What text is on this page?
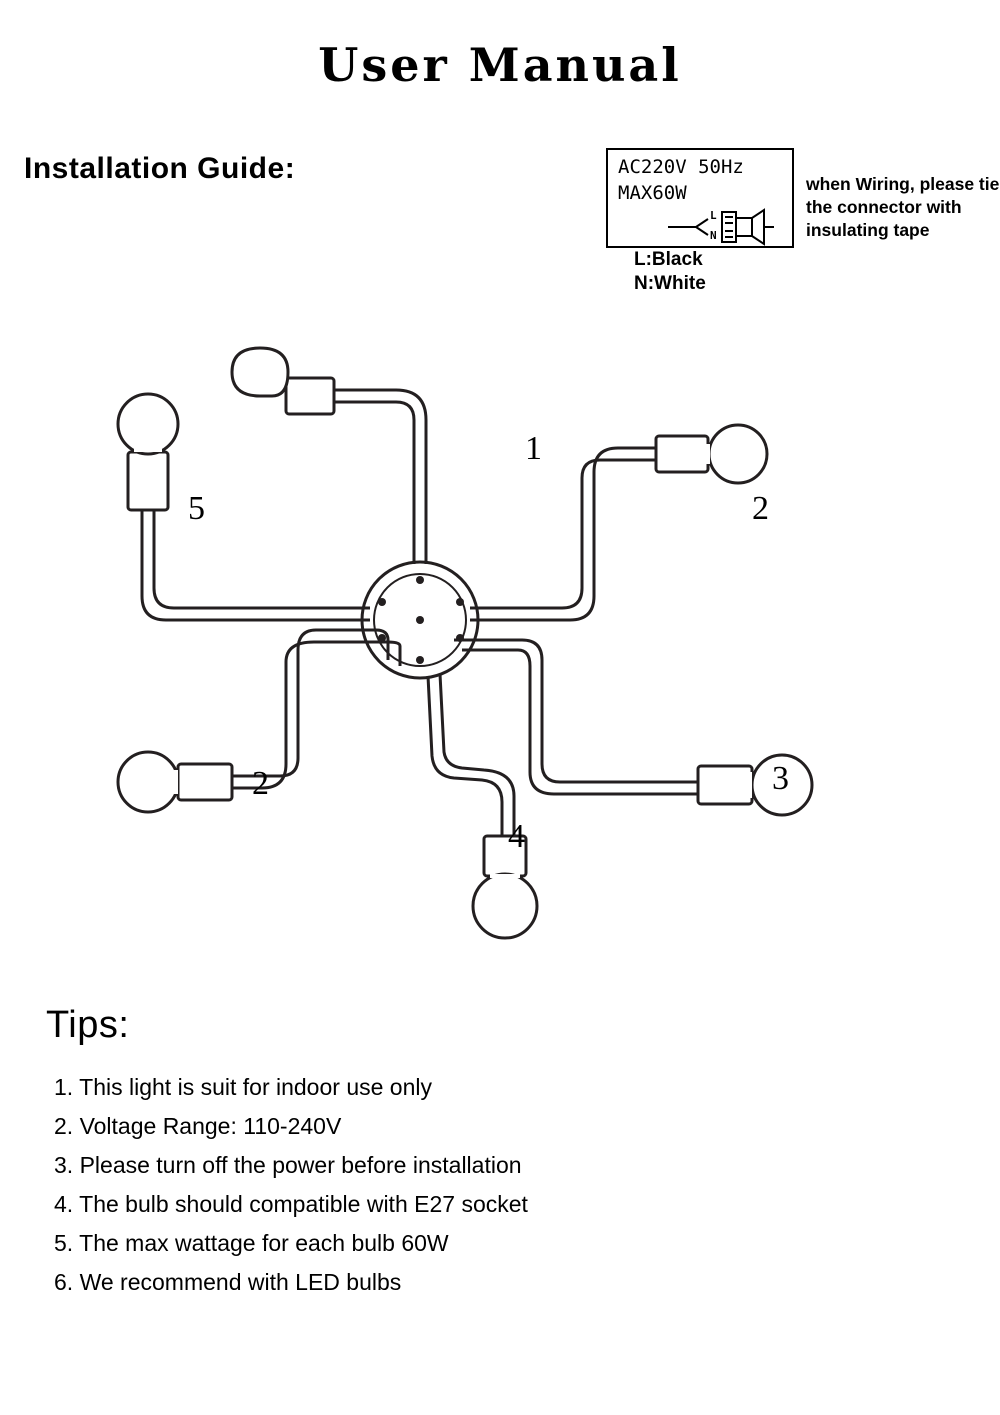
User Manual
Installation Guide:	AC220V 50Hz
MAX60W
L
N
L:Black
N:White
when Wiring, please tie the connector with insulating tape
1
2
5
2	3
4
Tips:
1. This light is suit for indoor use only
2. Voltage Range: 110-240V
3. Please turn off the power before installation
4. The bulb should compatible with E27 socket
5. The max wattage for each bulb 60W
6. We recommend with LED bulbs
